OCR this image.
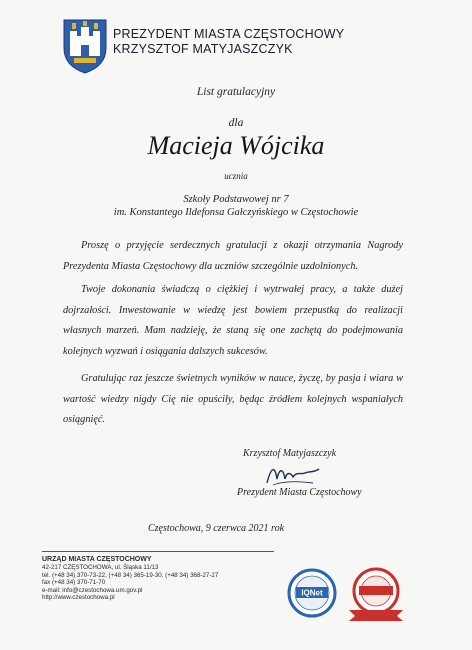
PREZYDENT MIASTA CZĘSTOCHOWY
KRZYSZTOF MATYJASZCZYK
List gratulacyjny
dla
Macieja Wójcika
ucznia
Szkoły Podstawowej nr 7
im. Konstantego Ildefonsa Gałczyńskiego w Częstochowie
Proszę o przyjęcie serdecznych gratulacji z okazji otrzymania Nagrody Prezydenta Miasta Częstochowy dla uczniów szczególnie uzdolnionych.
Twoje dokonania świadczą o ciężkiej i wytrwałej pracy, a także dużej dojrzałości. Inwestowanie w wiedzę jest bowiem przepustką do realizacji własnych marzeń. Mam nadzieję, że staną się one zachętą do podejmowania kolejnych wyzwań i osiągania dalszych sukcesów.
Gratulując raz jeszcze świetnych wyników w nauce, życzę, by pasja i wiara w wartość wiedzy nigdy Cię nie opuściły, będąc źródłem kolejnych wspaniałych osiągnięć.
Krzysztof Matyjaszczyk
Prezydent Miasta Częstochowy
Częstochowa, 9 czerwca 2021 rok
URZĄD MIASTA CZĘSTOCHOWY
42-217 CZĘSTOCHOWA, ul. Śląska 11/13
tel. (+48 34) 370-73-22, (+48 34) 365-19-30, (+48 34) 368-27-27
fax (+48 34) 370-71-70
e-mail: info@czestochowa.um.gov.pl
http://www.czestochowa.pl
IQNet
